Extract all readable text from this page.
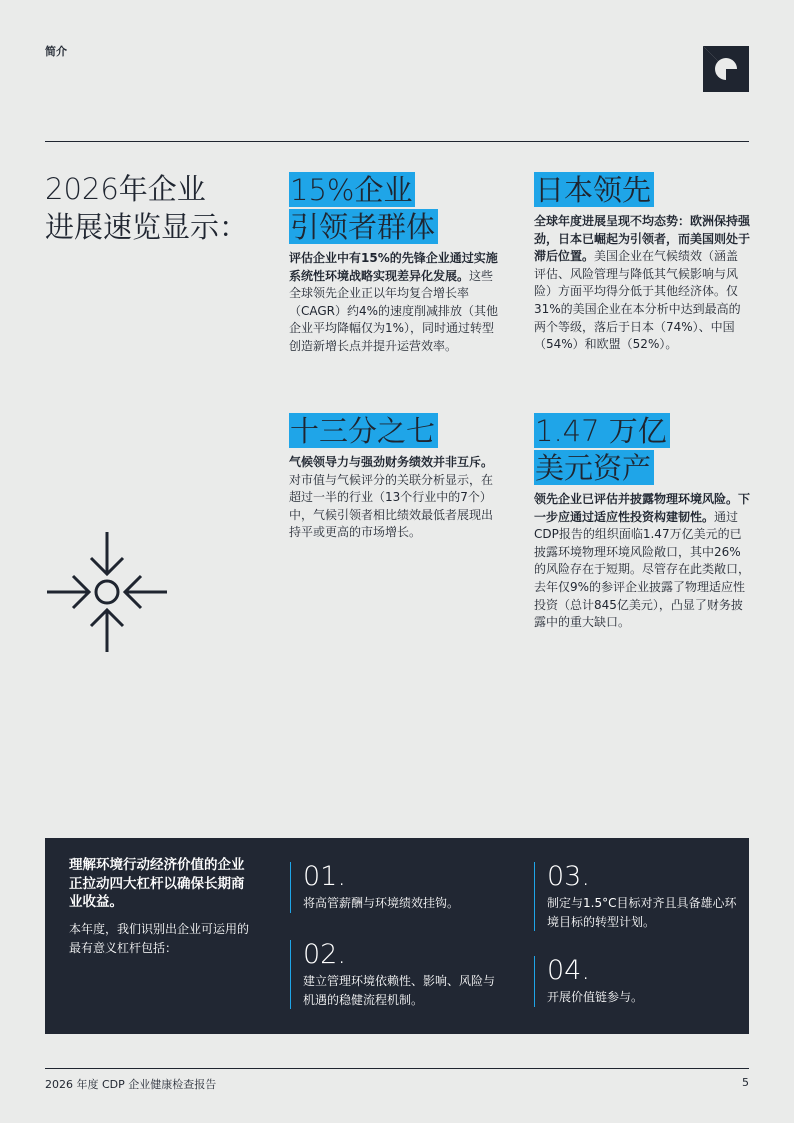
简介
2026年企业
进展速览显示：
15%企业
引领者群体
评估企业中有15%的先锋企业通过实施系统性环境战略实现差异化发展。这些全球领先企业正以年均复合增长率（CAGR）约4%的速度削减排放（其他企业平均降幅仅为1%），同时通过转型创造新增长点并提升运营效率。
日本领先
全球年度进展呈现不均态势：欧洲保持强劲，日本已崛起为引领者，而美国则处于滞后位置。美国企业在气候绩效（涵盖评估、风险管理与降低其气候影响与风险）方面平均得分低于其他经济体。仅31%的美国企业在本分析中达到最高的两个等级，落后于日本（74%）、中国（54%）和欧盟（52%）。
十三分之七
气候领导力与强劲财务绩效并非互斥。对市值与气候评分的关联分析显示，在超过一半的行业（13个行业中的7个）中，气候引领者相比绩效最低者展现出持平或更高的市场增长。
1.47 万亿
美元资产
领先企业已评估并披露物理环境风险。下一步应通过适应性投资构建韧性。通过CDP报告的组织面临1.47万亿美元的已披露环境物理环境风险敞口，其中26%的风险存在于短期。尽管存在此类敞口，去年仅9%的参评企业披露了物理适应性投资（总计845亿美元），凸显了财务披露中的重大缺口。
理解环境行动经济价值的企业正拉动四大杠杆以确保长期商业收益。
本年度，我们识别出企业可运用的最有意义杠杆包括：
01.
将高管薪酬与环境绩效挂钩。
02.
建立管理环境依赖性、影响、风险与机遇的稳健流程机制。
03.
制定与1.5°C目标对齐且具备雄心环境目标的转型计划。
04.
开展价值链参与。
2026 年度 CDP 企业健康检查报告	5
